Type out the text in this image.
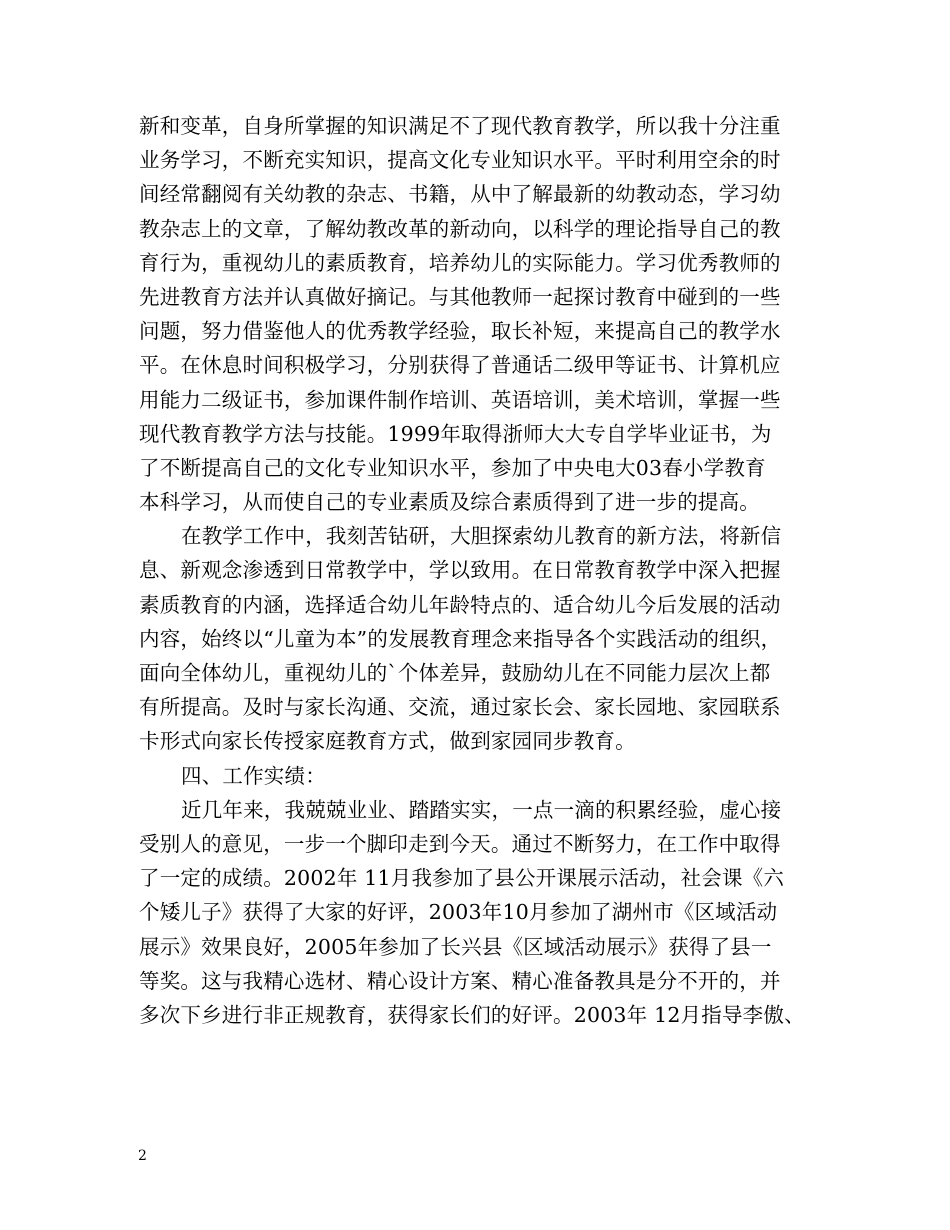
新和变革，自身所掌握的知识满足不了现代教育教学，所以我十分注重
业务学习，不断充实知识，提高文化专业知识水平。平时利用空余的时
间经常翻阅有关幼教的杂志、书籍，从中了解最新的幼教动态，学习幼
教杂志上的文章，了解幼教改革的新动向，以科学的理论指导自己的教
育行为，重视幼儿的素质教育，培养幼儿的实际能力。学习优秀教师的
先进教育方法并认真做好摘记。与其他教师一起探讨教育中碰到的一些
问题，努力借鉴他人的优秀教学经验，取长补短，来提高自己的教学水
平。在休息时间积极学习，分别获得了普通话二级甲等证书、计算机应
用能力二级证书，参加课件制作培训、英语培训，美术培训，掌握一些
现代教育教学方法与技能。1999年取得浙师大大专自学毕业证书，为
了不断提高自己的文化专业知识水平，参加了中央电大03春小学教育
本科学习，从而使自己的专业素质及综合素质得到了进一步的提高。
在教学工作中，我刻苦钻研，大胆探索幼儿教育的新方法，将新信
息、新观念渗透到日常教学中，学以致用。在日常教育教学中深入把握
素质教育的内涵，选择适合幼儿年龄特点的、适合幼儿今后发展的活动
内容，始终以“儿童为本”的发展教育理念来指导各个实践活动的组织，
面向全体幼儿，重视幼儿的`个体差异，鼓励幼儿在不同能力层次上都
有所提高。及时与家长沟通、交流，通过家长会、家长园地、家园联系
卡形式向家长传授家庭教育方式，做到家园同步教育。
四、工作实绩：
近几年来，我兢兢业业、踏踏实实，一点一滴的积累经验，虚心接
受别人的意见，一步一个脚印走到今天。通过不断努力，在工作中取得
了一定的成绩。2002年 11月我参加了县公开课展示活动，社会课《六
个矮儿子》获得了大家的好评，2003年10月参加了湖州市《区域活动
展示》效果良好，2005年参加了长兴县《区域活动展示》获得了县一
等奖。这与我精心选材、精心设计方案、精心准备教具是分不开的，并
多次下乡进行非正规教育，获得家长们的好评。2003年 12月指导李傲、
2
